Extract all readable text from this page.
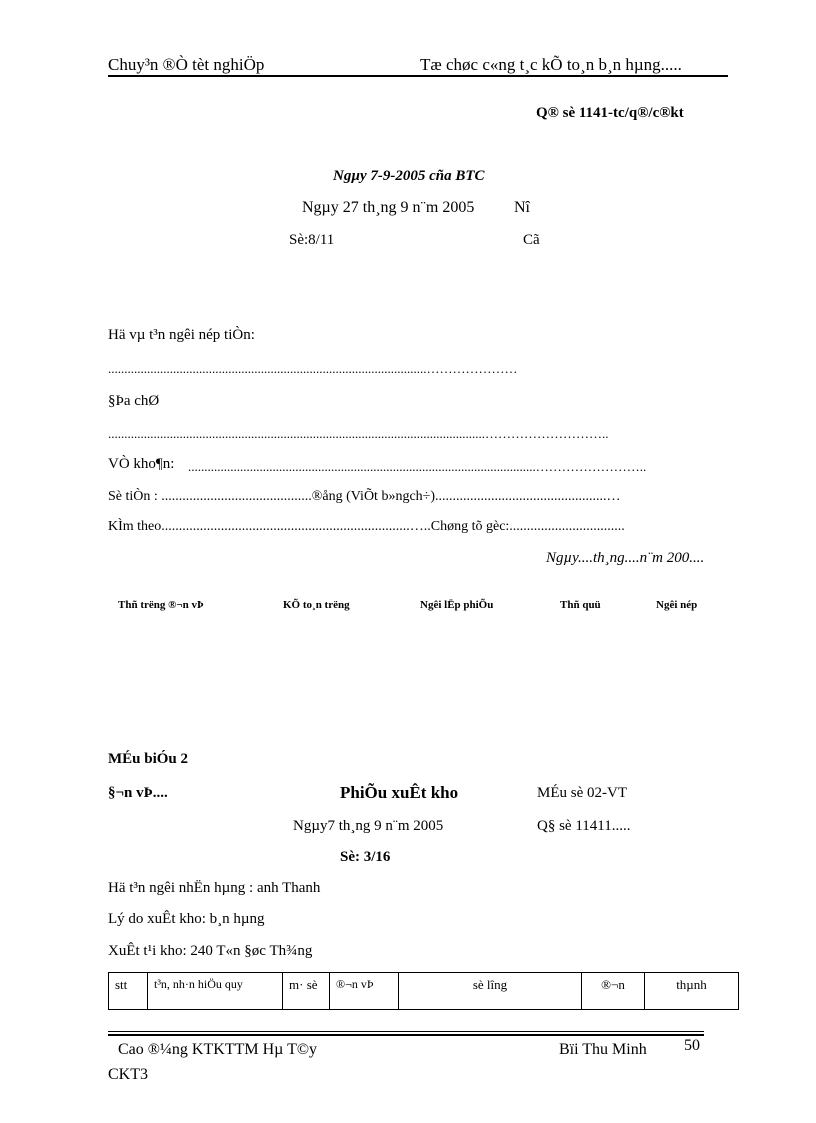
Chuy³n ®Ò tèt nghiÖp	Tæ chøc c«ng t¸c kÕ to¸n b¸n hµng.....
Q® sè 1141-tc/q®/c®kt
Ngµy 7-9-2005 cña BTC
Ngµy 27 th¸ng 9 n¨m 2005 Nî
Sè:8/11	Cã
Hä vµ t³n ngêi nép tiÒn:
..................................................................................................…………………
§Þa chØ
....................................................................................................................………………………..
VÒ kho¶n: ...........................................................................................................……………………..
Sè tiÒn : ...........................................®ång (ViÕt b»ngch÷).................................................…
KÌm theo.......................................................................…..Chøng tõ gèc:.................................
Ngµy....th¸ng....n¨m 200....
Thñ trëng ®¬n vÞ	KÕ to¸n trëng	Ngêi lËp phiÕu	Thñ quü	Ngêi nép
MÉu biÓu 2
§¬n vÞ....	PhiÕu xuÊt kho	MÉu sè 02-VT
Ngµy7 th¸ng 9 n¨m 2005	Q§ sè 11411.....
Sè: 3/16
Hä t³n ngêi nhËn hµng : anh Thanh
Lý do xuÊt kho: b¸n hµng
XuÊt t¹i kho: 240 T«n §øc Th¾ng
stt	t³n, nh·n hiÖu quy	m· sè	®¬n vÞ	sè lîng	®¬n	thµnh
Cao ®¼ng KTKTTM Hµ T©y
CKT3
Bïi Thu Minh 50
